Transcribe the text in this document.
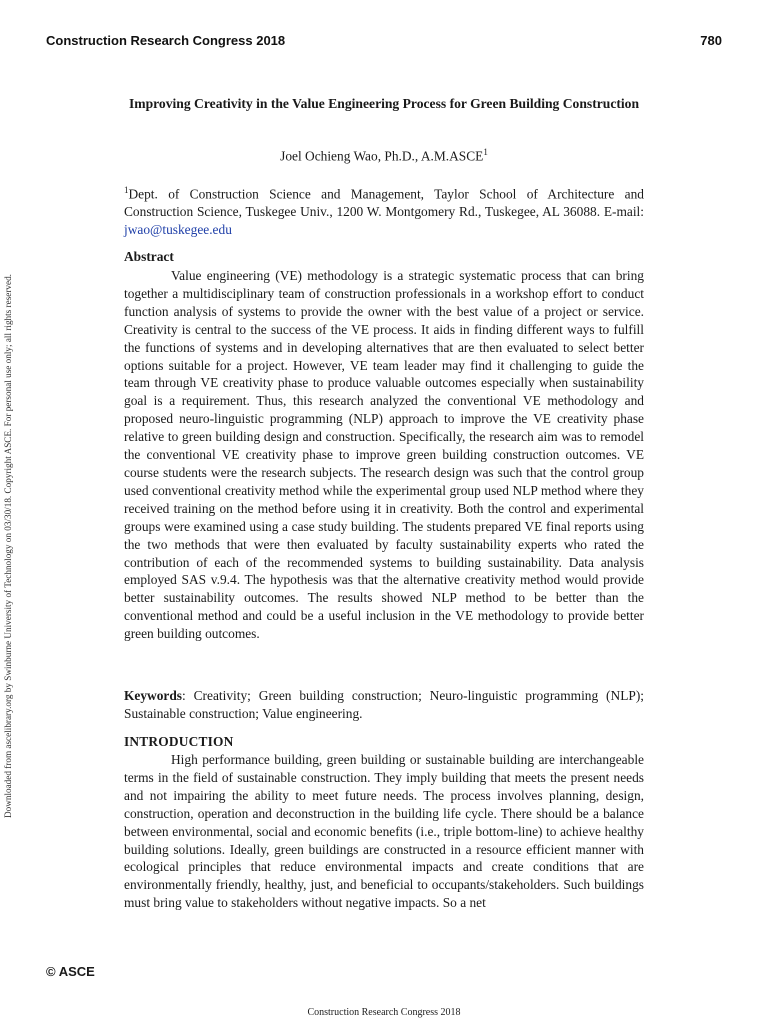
Construction Research Congress 2018	780
Downloaded from ascelibrary.org by Swinburne University of Technology on 03/30/18. Copyright ASCE. For personal use only; all rights reserved.
Improving Creativity in the Value Engineering Process for Green Building Construction
Joel Ochieng Wao, Ph.D., A.M.ASCE$^1$
$^1$Dept. of Construction Science and Management, Taylor School of Architecture and Construction Science, Tuskegee Univ., 1200 W. Montgomery Rd., Tuskegee, AL 36088. E-mail: jwao@tuskegee.edu
Abstract
Value engineering (VE) methodology is a strategic systematic process that can bring together a multidisciplinary team of construction professionals in a workshop effort to conduct function analysis of systems to provide the owner with the best value of a project or service. Creativity is central to the success of the VE process. It aids in finding different ways to fulfill the functions of systems and in developing alternatives that are then evaluated to select better options suitable for a project. However, VE team leader may find it challenging to guide the team through VE creativity phase to produce valuable outcomes especially when sustainability goal is a requirement. Thus, this research analyzed the conventional VE methodology and proposed neuro-linguistic programming (NLP) approach to improve the VE creativity phase relative to green building design and construction. Specifically, the research aim was to remodel the conventional VE creativity phase to improve green building construction outcomes. VE course students were the research subjects. The research design was such that the control group used conventional creativity method while the experimental group used NLP method where they received training on the method before using it in creativity. Both the control and experimental groups were examined using a case study building. The students prepared VE final reports using the two methods that were then evaluated by faculty sustainability experts who rated the contribution of each of the recommended systems to building sustainability. Data analysis employed SAS v.9.4. The hypothesis was that the alternative creativity method would provide better sustainability outcomes. The results showed NLP method to be better than the conventional method and could be a useful inclusion in the VE methodology to provide better green building outcomes.
Keywords: Creativity; Green building construction; Neuro-linguistic programming (NLP); Sustainable construction; Value engineering.
INTRODUCTION
High performance building, green building or sustainable building are interchangeable terms in the field of sustainable construction. They imply building that meets the present needs and not impairing the ability to meet future needs. The process involves planning, design, construction, operation and deconstruction in the building life cycle. There should be a balance between environmental, social and economic benefits (i.e., triple bottom-line) to achieve healthy building solutions. Ideally, green buildings are constructed in a resource efficient manner with ecological principles that reduce environmental impacts and create conditions that are environmentally friendly, healthy, just, and beneficial to occupants/stakeholders. Such buildings must bring value to stakeholders without negative impacts. So a net
© ASCE
Construction Research Congress 2018
